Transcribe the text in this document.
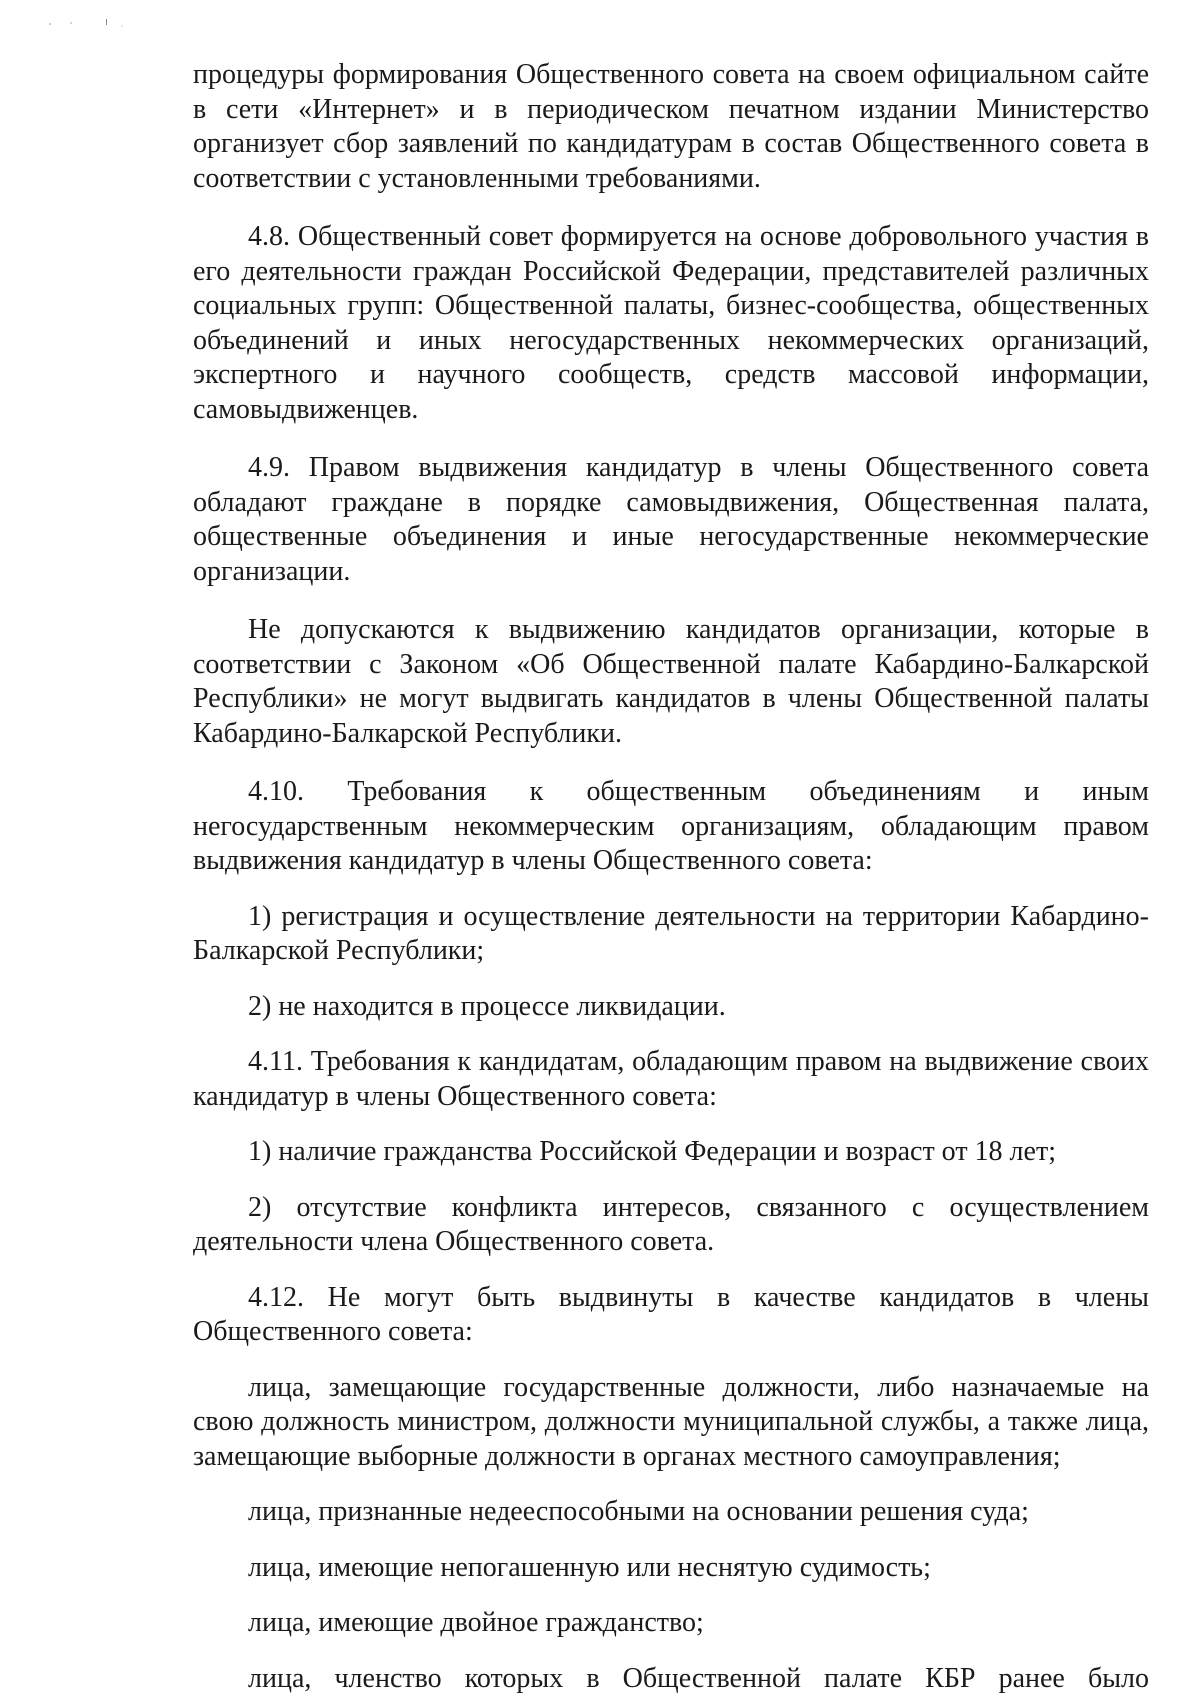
процедуры формирования Общественного совета на своем официальном сайте в сети «Интернет» и в периодическом печатном издании Министерство организует сбор заявлений по кандидатурам в состав Общественного совета в соответствии с установленными требованиями.

4.8. Общественный совет формируется на основе добровольного участия в его деятельности граждан Российской Федерации, представителей различных социальных групп: Общественной палаты, бизнес-сообщества, общественных объединений и иных негосударственных некоммерческих организаций, экспертного и научного сообществ, средств массовой информации, самовыдвиженцев.

4.9. Правом выдвижения кандидатур в члены Общественного совета обладают граждане в порядке самовыдвижения, Общественная палата, общественные объединения и иные негосударственные некоммерческие организации.

Не допускаются к выдвижению кандидатов организации, которые в соответствии с Законом «Об Общественной палате Кабардино-Балкарской Республики» не могут выдвигать кандидатов в члены Общественной палаты Кабардино-Балкарской Республики.

4.10. Требования к общественным объединениям и иным негосударственным некоммерческим организациям, обладающим правом выдвижения кандидатур в члены Общественного совета:

1) регистрация и осуществление деятельности на территории Кабардино-Балкарской Республики;

2) не находится в процессе ликвидации.

4.11. Требования к кандидатам, обладающим правом на выдвижение своих кандидатур в члены Общественного совета:

1) наличие гражданства Российской Федерации и возраст от 18 лет;

2) отсутствие конфликта интересов, связанного с осуществлением деятельности члена Общественного совета.

4.12. Не могут быть выдвинуты в качестве кандидатов в члены Общественного совета:

лица, замещающие государственные должности, либо назначаемые на свою должность министром, должности муниципальной службы, а также лица, замещающие выборные должности в органах местного самоуправления;

лица, признанные недееспособными на основании решения суда;

лица, имеющие непогашенную или неснятую судимость;

лица, имеющие двойное гражданство;

лица, членство которых в Общественной палате КБР ранее было
